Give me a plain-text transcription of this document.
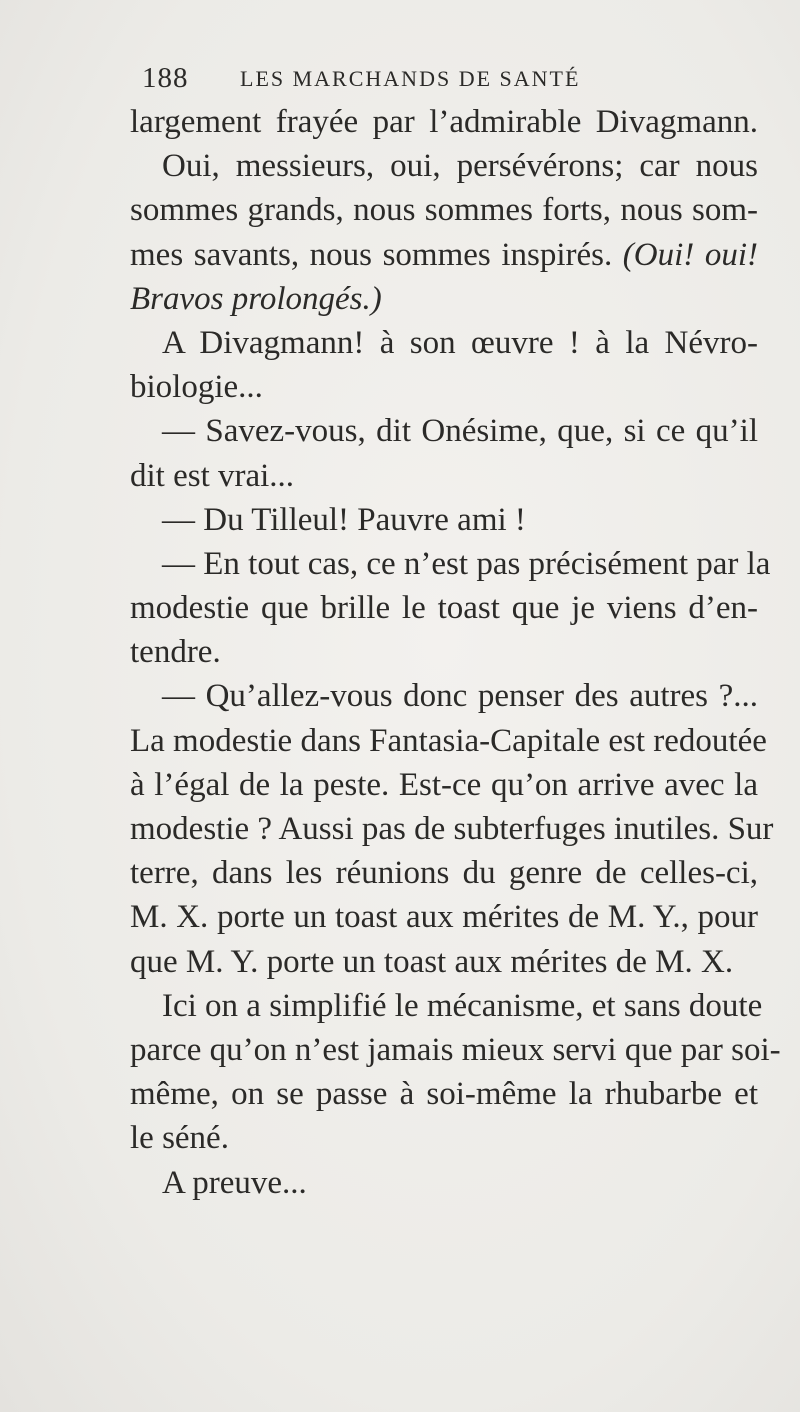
188 LES MARCHANDS DE SANTÉ
largement frayée par l’admirable Divagmann.
Oui, messieurs, oui, persévérons; car nous
sommes grands, nous sommes forts, nous som-
mes savants, nous sommes inspirés. (Oui! oui!
Bravos prolongés.)
A Divagmann! à son œuvre ! à la Névro-
biologie...
— Savez-vous, dit Onésime, que, si ce qu’il
dit est vrai...
— Du Tilleul! Pauvre ami !
— En tout cas, ce n’est pas précisément par la
modestie que brille le toast que je viens d’en-
tendre.
— Qu’allez-vous donc penser des autres ?...
La modestie dans Fantasia-Capitale est redoutée
à l’égal de la peste. Est-ce qu’on arrive avec la
modestie ? Aussi pas de subterfuges inutiles. Sur
terre, dans les réunions du genre de celles-ci,
M. X. porte un toast aux mérites de M. Y., pour
que M. Y. porte un toast aux mérites de M. X.
Ici on a simplifié le mécanisme, et sans doute
parce qu’on n’est jamais mieux servi que par soi-
même, on se passe à soi-même la rhubarbe et
le séné.
A preuve...
